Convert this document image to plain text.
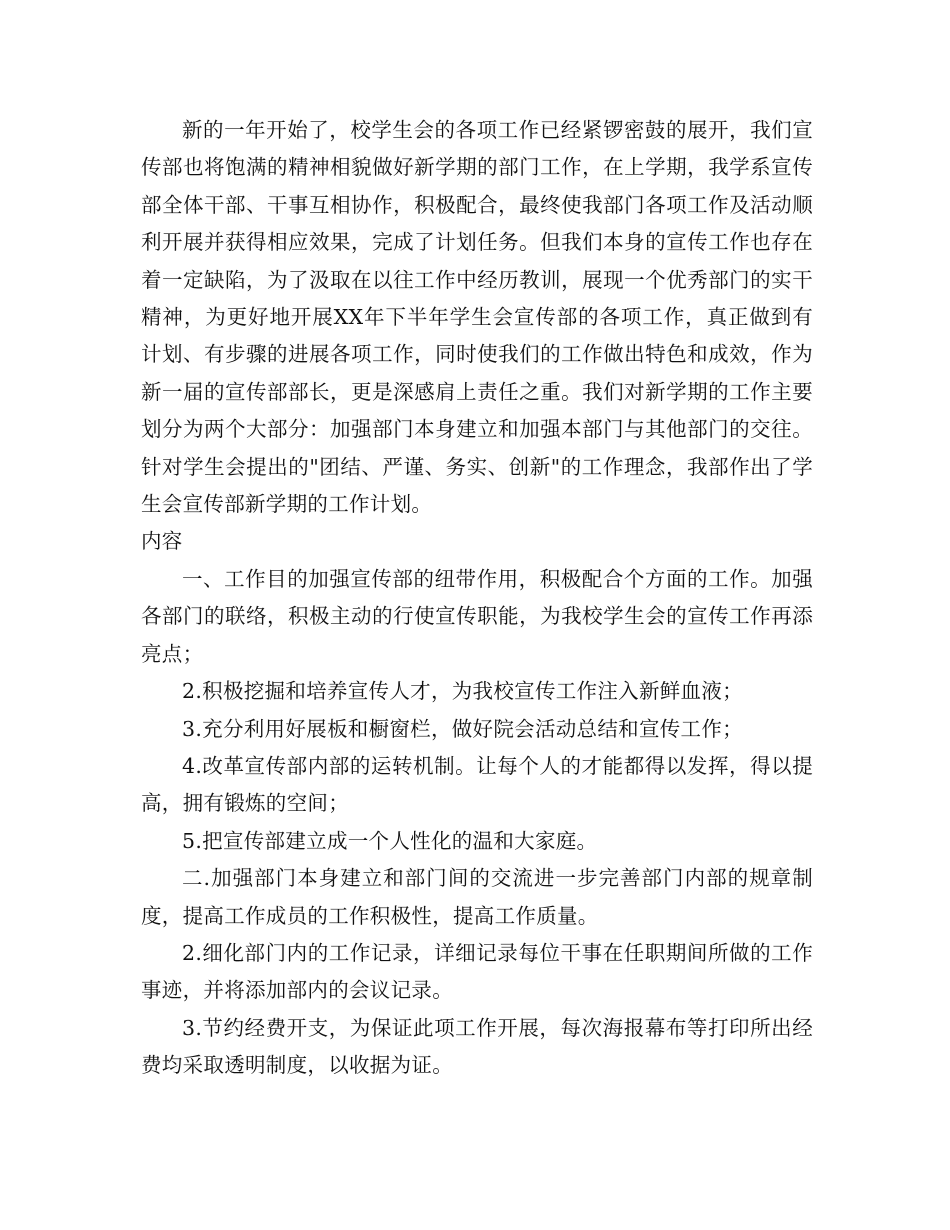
新的一年开始了，校学生会的各项工作已经紧锣密鼓的展开，我们宣传部也将饱满的精神相貌做好新学期的部门工作，在上学期，我学系宣传部全体干部、干事互相协作，积极配合，最终使我部门各项工作及活动顺利开展并获得相应效果，完成了计划任务。但我们本身的宣传工作也存在着一定缺陷，为了汲取在以往工作中经历教训，展现一个优秀部门的实干精神，为更好地开展XX年下半年学生会宣传部的各项工作，真正做到有计划、有步骤的进展各项工作，同时使我们的工作做出特色和成效，作为新一届的宣传部部长，更是深感肩上责任之重。我们对新学期的工作主要划分为两个大部分：加强部门本身建立和加强本部门与其他部门的交往。针对学生会提出的"团结、严谨、务实、创新"的工作理念，我部作出了学生会宣传部新学期的工作计划。

内容

一、工作目的加强宣传部的纽带作用，积极配合个方面的工作。加强各部门的联络，积极主动的行使宣传职能，为我校学生会的宣传工作再添亮点；

2.积极挖掘和培养宣传人才，为我校宣传工作注入新鲜血液；

3.充分利用好展板和橱窗栏，做好院会活动总结和宣传工作；

4.改革宣传部内部的运转机制。让每个人的才能都得以发挥，得以提高，拥有锻炼的空间；

5.把宣传部建立成一个人性化的温和大家庭。

二.加强部门本身建立和部门间的交流进一步完善部门内部的规章制度，提高工作成员的工作积极性，提高工作质量。

2.细化部门内的工作记录，详细记录每位干事在任职期间所做的工作事迹，并将添加部内的会议记录。

3.节约经费开支，为保证此项工作开展，每次海报幕布等打印所出经费均采取透明制度，以收据为证。
